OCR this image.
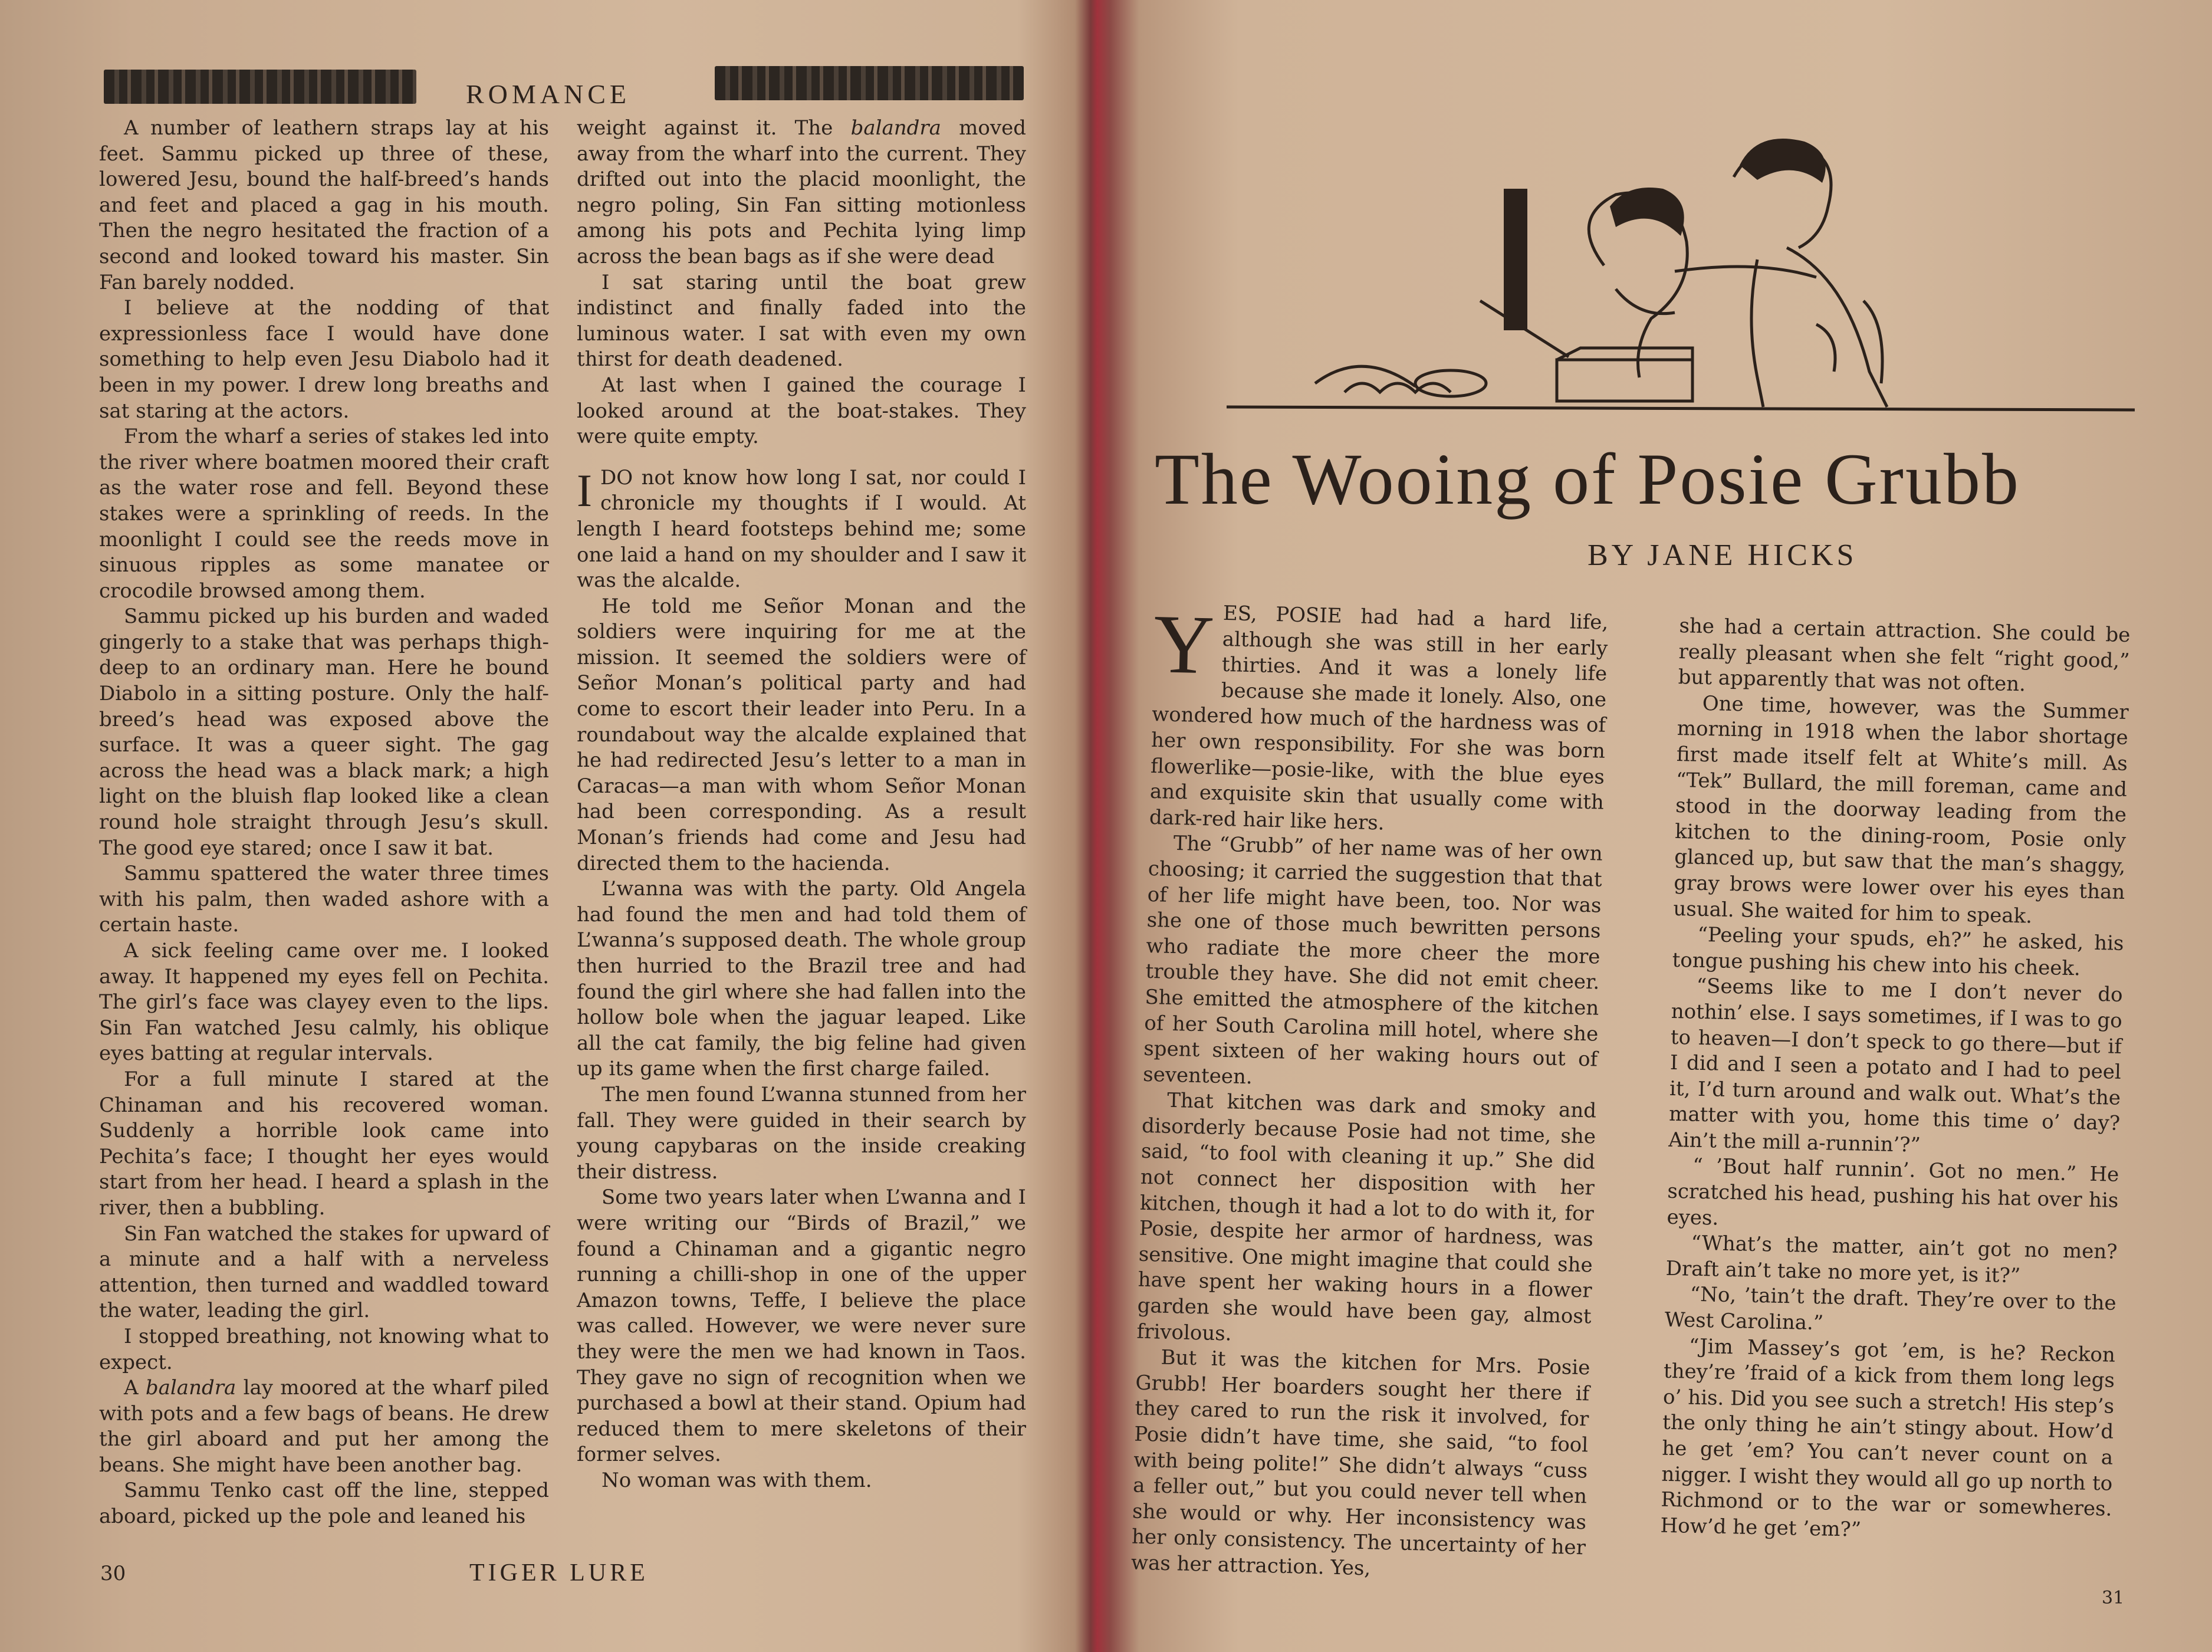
ROMANCE

A number of leathern straps lay at his feet. Sammu picked up three of these, lowered Jesu, bound the half-breed’s hands and feet and placed a gag in his mouth. Then the negro hesitated the fraction of a second and looked toward his master. Sin Fan barely nodded.

I believe at the nodding of that expressionless face I would have done something to help even Jesu Diabolo had it been in my power. I drew long breaths and sat staring at the actors.

From the wharf a series of stakes led into the river where boatmen moored their craft as the water rose and fell. Beyond these stakes were a sprinkling of reeds. In the moonlight I could see the reeds move in sinuous ripples as some manatee or crocodile browsed among them.

Sammu picked up his burden and waded gingerly to a stake that was perhaps thigh-deep to an ordinary man. Here he bound Diabolo in a sitting posture. Only the half-breed’s head was exposed above the surface. It was a queer sight. The gag across the head was a black mark; a high light on the bluish flap looked like a clean round hole straight through Jesu’s skull. The good eye stared; once I saw it bat.

Sammu spattered the water three times with his palm, then waded ashore with a certain haste.

A sick feeling came over me. I looked away. It happened my eyes fell on Pechita. The girl’s face was clayey even to the lips. Sin Fan watched Jesu calmly, his oblique eyes batting at regular intervals.

For a full minute I stared at the Chinaman and his recovered woman. Suddenly a horrible look came into Pechita’s face; I thought her eyes would start from her head. I heard a splash in the river, then a bubbling.

Sin Fan watched the stakes for upward of a minute and a half with a nerveless attention, then turned and waddled toward the water, leading the girl.

I stopped breathing, not knowing what to expect.

A balandra lay moored at the wharf piled with pots and a few bags of beans. He drew the girl aboard and put her among the beans. She might have been another bag.

Sammu Tenko cast off the line, stepped aboard, picked up the pole and leaned his

weight against it. The balandra moved away from the wharf into the current. They drifted out into the placid moonlight, the negro poling, Sin Fan sitting motionless among his pots and Pechita lying limp across the bean bags as if she were dead

I sat staring until the boat grew indistinct and finally faded into the luminous water. I sat with even my own thirst for death deadened.

At last when I gained the courage I looked around at the boat-stakes. They were quite empty.

IDO not know how long I sat, nor could I chronicle my thoughts if I would. At length I heard footsteps behind me; some one laid a hand on my shoulder and I saw it was the alcalde.

He told me Señor Monan and the soldiers were inquiring for me at the mission. It seemed the soldiers were of Señor Monan’s political party and had come to escort their leader into Peru. In a roundabout way the alcalde explained that he had redirected Jesu’s letter to a man in Caracas—a man with whom Señor Monan had been corresponding. As a result Monan’s friends had come and Jesu had directed them to the hacienda.

L’wanna was with the party. Old Angela had found the men and had told them of L’wanna’s supposed death. The whole group then hurried to the Brazil tree and had found the girl where she had fallen into the hollow bole when the jaguar leaped. Like all the cat family, the big feline had given up its game when the first charge failed.

The men found L’wanna stunned from her fall. They were guided in their search by young capybaras on the inside creaking their distress.

Some two years later when L’wanna and I were writing our “Birds of Brazil,” we found a Chinaman and a gigantic negro running a chilli-shop in one of the upper Amazon towns, Teffe, I believe the place was called. However, we were never sure they were the men we had known in Taos. They gave no sign of recognition when we purchased a bowl at their stand. Opium had reduced them to mere skeletons of their former selves.

No woman was with them.

30	TIGER LURE
The Wooing of Posie Grubb
BY JANE HICKS

YES, POSIE had had a hard life, although she was still in her early thirties. And it was a lonely life because she made it lonely. Also, one wondered how much of the hardness was of her own responsibility. For she was born flowerlike—posie-like, with the blue eyes and exquisite skin that usually come with dark-red hair like hers.

The “Grubb” of her name was of her own choosing; it carried the suggestion that that of her life might have been, too. Nor was she one of those much bewritten persons who radiate the more cheer the more trouble they have. She did not emit cheer. She emitted the atmosphere of the kitchen of her South Carolina mill hotel, where she spent sixteen of her waking hours out of seventeen.

That kitchen was dark and smoky and disorderly because Posie had not time, she said, “to fool with cleaning it up.” She did not connect her disposition with her kitchen, though it had a lot to do with it, for Posie, despite her armor of hardness, was sensitive. One might imagine that could she have spent her waking hours in a flower garden she would have been gay, almost frivolous.

But it was the kitchen for Mrs. Posie Grubb! Her boarders sought her there if they cared to run the risk it involved, for Posie didn’t have time, she said, “to fool with being polite!” She didn’t always “cuss a feller out,” but you could never tell when she would or why. Her inconsistency was her only consistency. The uncertainty of her was her attraction. Yes,

she had a certain attraction. She could be really pleasant when she felt “right good,” but apparently that was not often.

One time, however, was the Summer morning in 1918 when the labor shortage first made itself felt at White’s mill. As “Tek” Bullard, the mill foreman, came and stood in the doorway leading from the kitchen to the dining-room, Posie only glanced up, but saw that the man’s shaggy, gray brows were lower over his eyes than usual. She waited for him to speak.

“Peeling your spuds, eh?” he asked, his tongue pushing his chew into his cheek.

“Seems like to me I don’t never do nothin’ else. I says sometimes, if I was to go to heaven—I don’t speck to go there—but if I did and I seen a potato and I had to peel it, I’d turn around and walk out. What’s the matter with you, home this time o’ day? Ain’t the mill a-runnin’?”

“ ’Bout half runnin’. Got no men.” He scratched his head, pushing his hat over his eyes.

“What’s the matter, ain’t got no men? Draft ain’t take no more yet, is it?”

“No, ’tain’t the draft. They’re over to the West Carolina.”

“Jim Massey’s got ’em, is he? Reckon they’re ’fraid of a kick from them long legs o’ his. Did you see such a stretch! His step’s the only thing he ain’t stingy about. How’d he get ’em? You can’t never count on a nigger. I wisht they would all go up north to Richmond or to the war or somewheres. How’d he get ’em?”

31
